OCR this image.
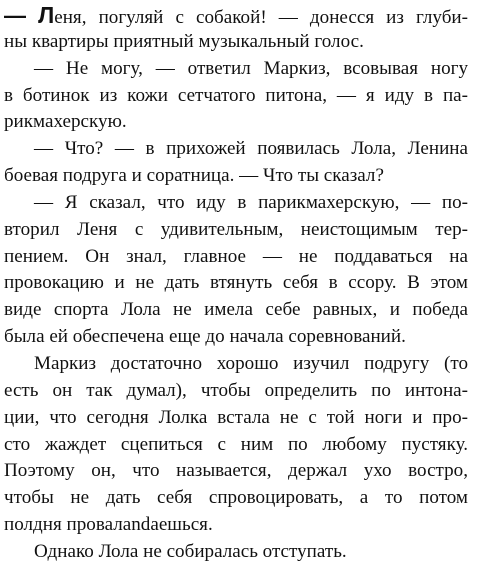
— Леня, погуляй с собакой! — донесся из глуби-
ны квартиры приятный музыкальный голос.
— Не могу, — ответил Маркиз, всовывая ногу
в ботинок из кожи сетчатого питона, — я иду в па-
рикмахерскую.
— Что? — в прихожей появилась Лола, Ленина
боевая подруга и соратница. — Что ты сказал?
— Я сказал, что иду в парикмахерскую, — по-
вторил Леня с удивительным, неистощимым тер-
пением. Он знал, главное — не поддаваться на
провокацию и не дать втянуть себя в ссору. В этом
виде спорта Лола не имела себе равных, и победа
была ей обеспечена еще до начала соревнований.
Маркиз достаточно хорошо изучил подругу (то
есть он так думал), чтобы определить по интона-
ции, что сегодня Лолка встала не с той ноги и про-
сто жаждет сцепиться с ним по любому пустяку.
Поэтому он, что называется, держал ухо востро,
чтобы не дать себя спровоцировать, а то потом
полдня провалandаешься.
Однако Лола не собиралась отступать.
